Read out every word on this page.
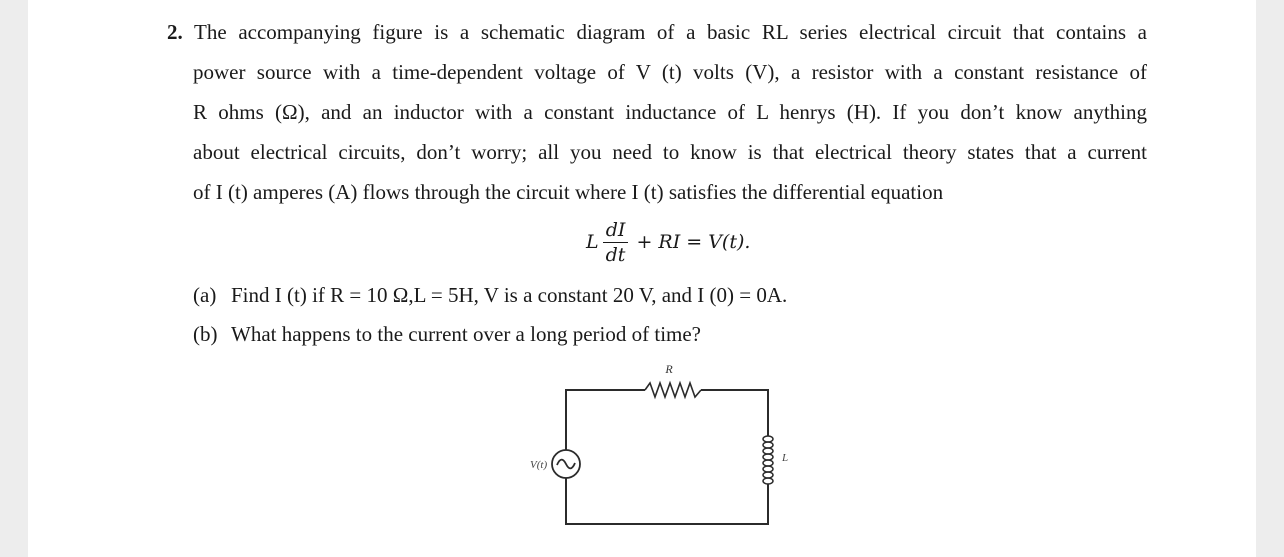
2. The accompanying figure is a schematic diagram of a basic RL series electrical circuit that contains a
power source with a time-dependent voltage of V (t) volts (V), a resistor with a constant resistance of
R ohms (Ω), and an inductor with a constant inductance of L henrys (H). If you don’t know anything
about electrical circuits, don’t worry; all you need to know is that electrical theory states that a current
of I (t) amperes (A) flows through the circuit where I (t) satisfies the differential equation
L $\frac{dI}{dt}$ + RI = V(t).
(a) Find I (t) if R = 10 Ω,L = 5H, V is a constant 20 V, and I (0) = 0A.
(b) What happens to the current over a long period of time?
R
V(t)
L
